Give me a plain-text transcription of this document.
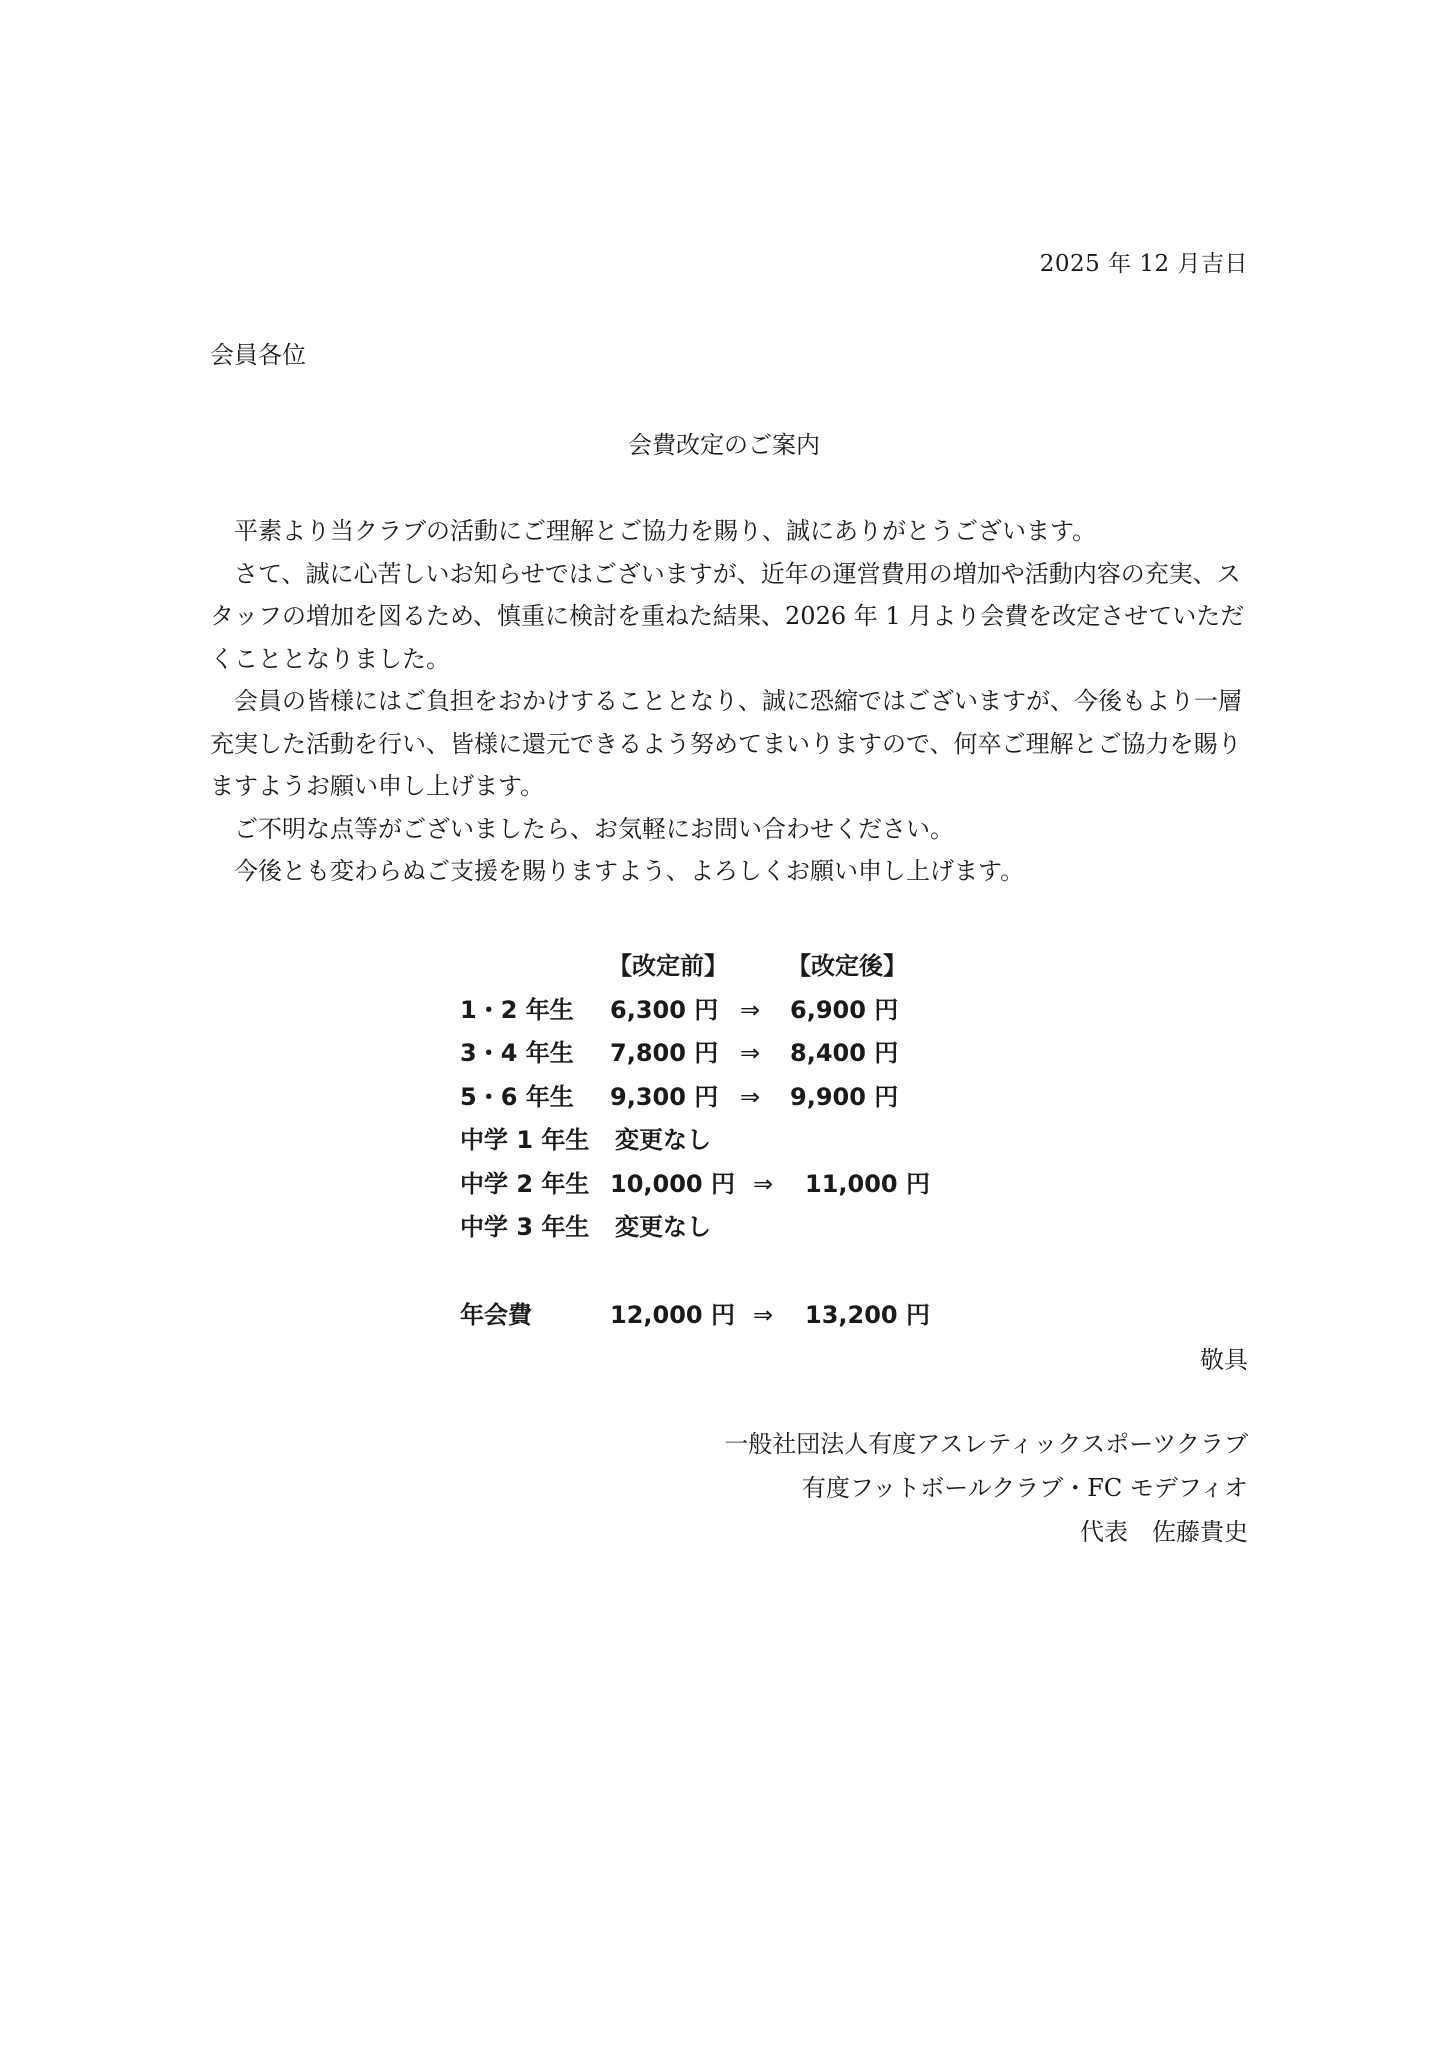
2025 年 12 月吉日
会員各位
会費改定のご案内

　平素より当クラブの活動にご理解とご協力を賜り、誠にありがとうございます。

　さて、誠に心苦しいお知らせではございますが、近年の運営費用の増加や活動内容の充実、スタッフの増加を図るため、慎重に検討を重ねた結果、2026 年 1 月より会費を改定させていただくこととなりました。

　会員の皆様にはご負担をおかけすることとなり、誠に恐縮ではございますが、今後もより一層充実した活動を行い、皆様に還元できるよう努めてまいりますので、何卒ご理解とご協力を賜りますようお願い申し上げます。

　ご不明な点等がございましたら、お気軽にお問い合わせください。

　今後とも変わらぬご支援を賜りますよう、よろしくお願い申し上げます。

【改定前】 【改定後】
1・2 年生 6,300 円 ⇒ 6,900 円
3・4 年生 7,800 円 ⇒ 8,400 円
5・6 年生 9,300 円 ⇒ 9,900 円
中学 1 年生 変更なし
中学 2 年生 10,000 円 ⇒ 11,000 円
中学 3 年生 変更なし
年会費	12,000 円 ⇒ 13,200 円
敬具
一般社団法人有度アスレティックスポーツクラブ
有度フットボールクラブ・FC モデフィオ
代表　佐藤貴史
